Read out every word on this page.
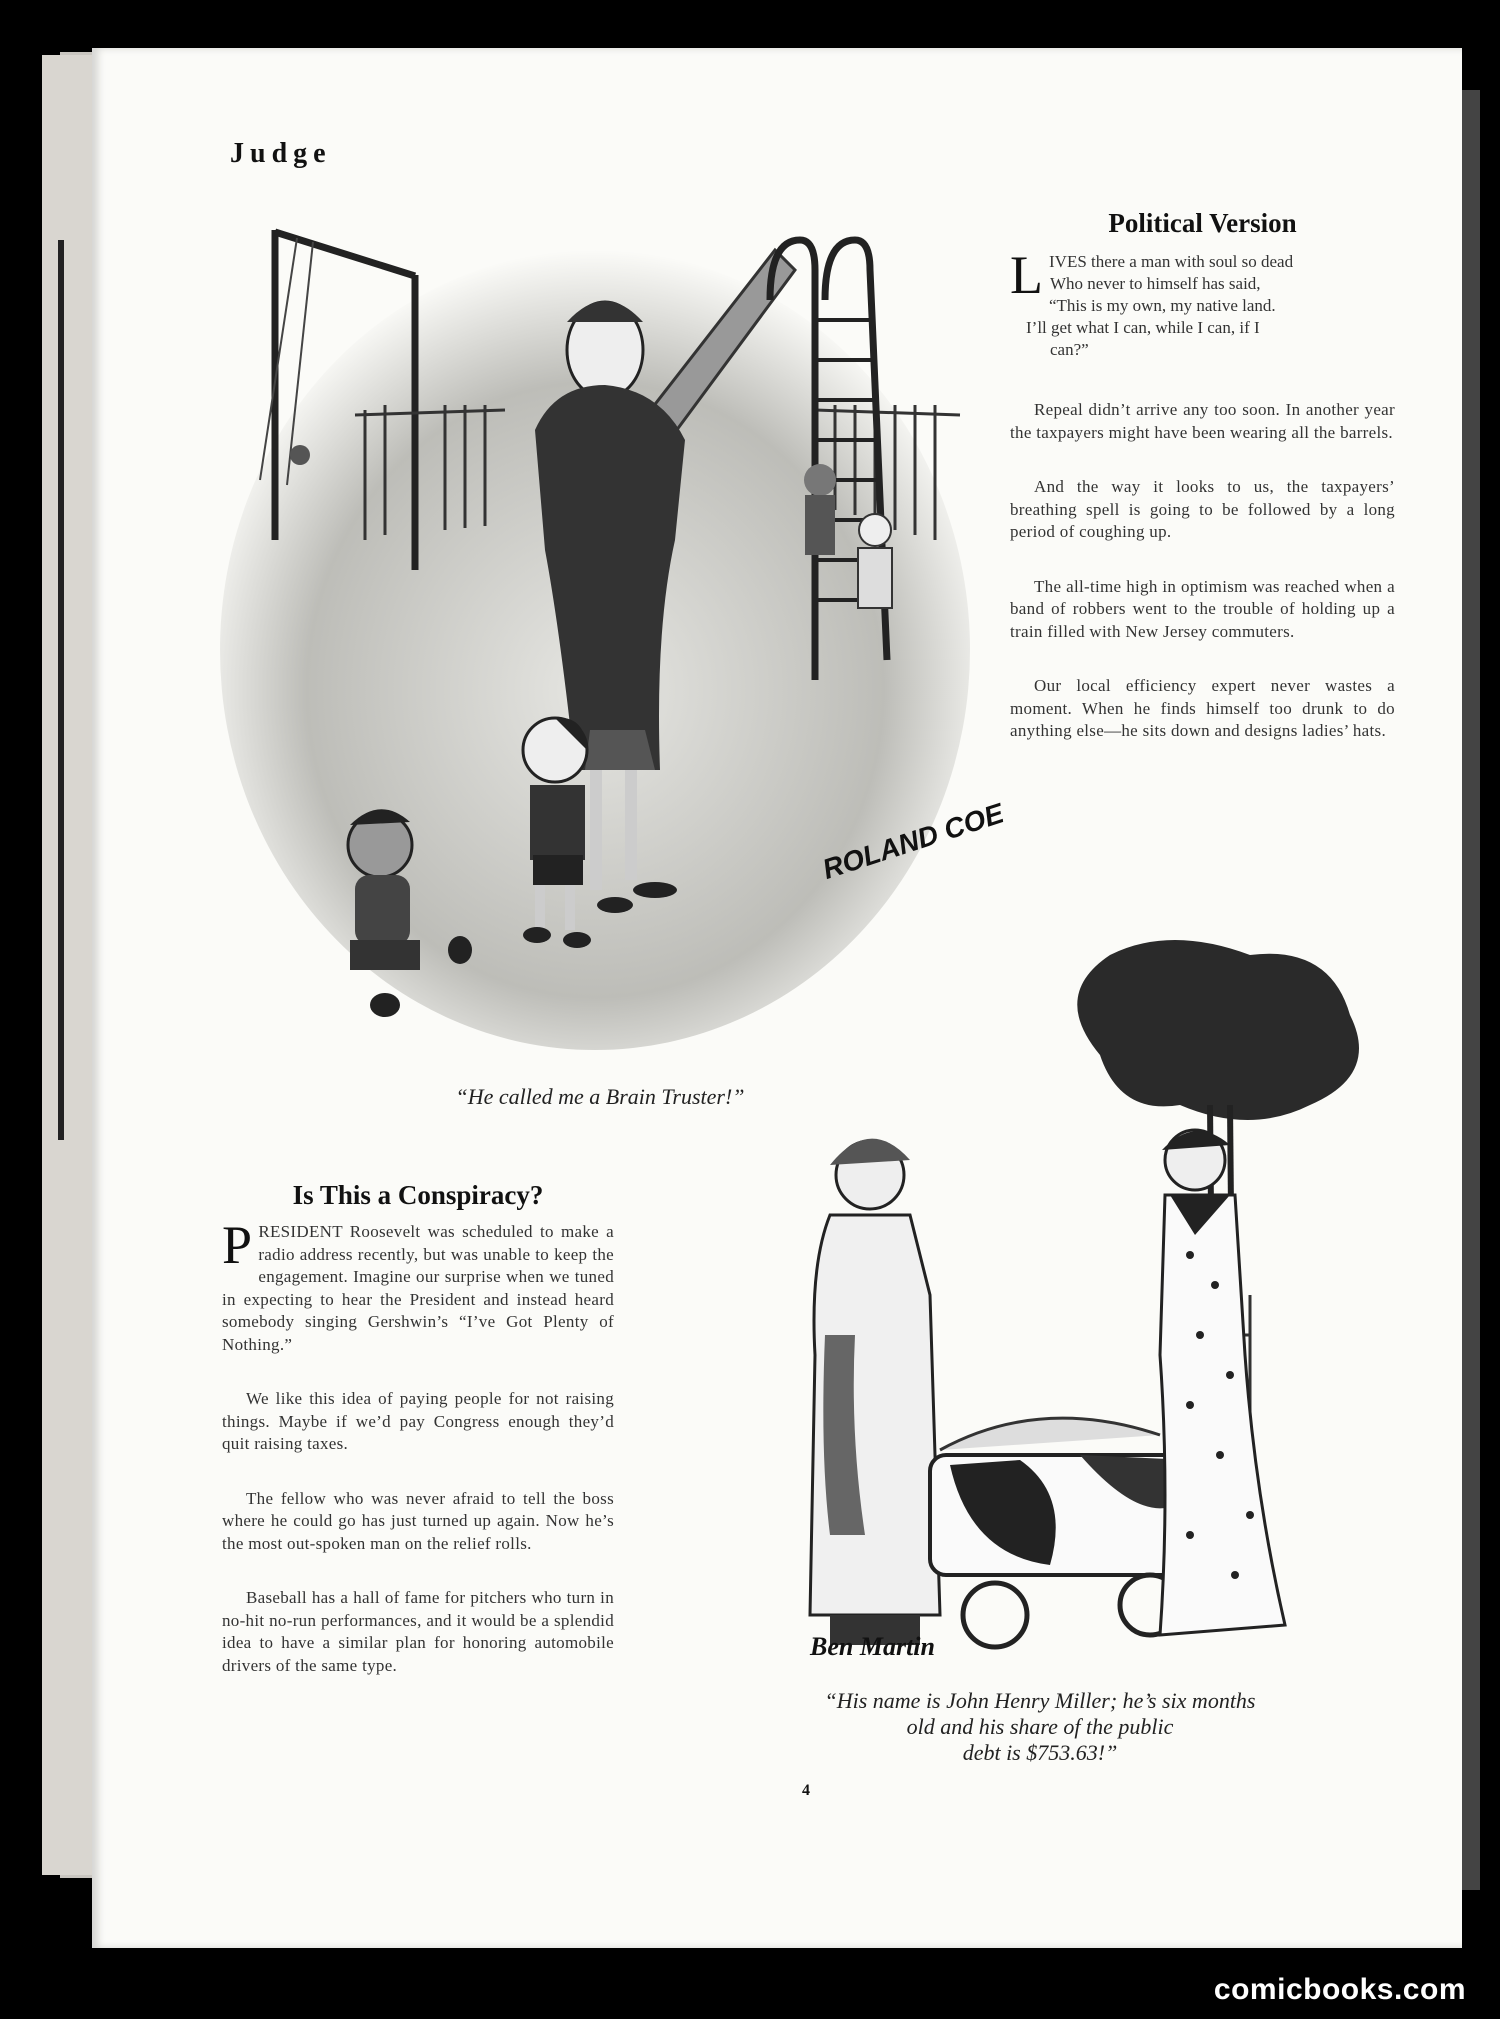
Judge
ROLAND COE
“He called me a Brain Truster!”
Political Version
L IVES there a man with soul so dead
Who never to himself has said,
“This is my own, my native land.
I’ll get what I can, while I can, if I
can?”

Repeal didn’t arrive any too soon. In another year the taxpayers might have been wearing all the barrels.

And the way it looks to us, the taxpayers’ breathing spell is going to be followed by a long period of coughing up.

The all-time high in optimism was reached when a band of robbers went to the trouble of holding up a train filled with New Jersey commuters.

Our local efficiency expert never wastes a moment. When he finds himself too drunk to do anything else—he sits down and designs ladies’ hats.

Is This a Conspiracy?

PRESIDENT Roosevelt was scheduled to make a radio address recently, but was unable to keep the engagement. Imagine our surprise when we tuned in expecting to hear the President and instead heard somebody singing Gershwin’s “I’ve Got Plenty of Nothing.”

We like this idea of paying people for not raising things. Maybe if we’d pay Congress enough they’d quit raising taxes.

The fellow who was never afraid to tell the boss where he could go has just turned up again. Now he’s the most out-spoken man on the relief rolls.

Baseball has a hall of fame for pitchers who turn in no-hit no-run performances, and it would be a splendid idea to have a similar plan for honoring automobile drivers of the same type.

Ben Martin
“His name is John Henry Miller; he’s six months
old and his share of the public
debt is $753.63!”
4
comicbooks.com
